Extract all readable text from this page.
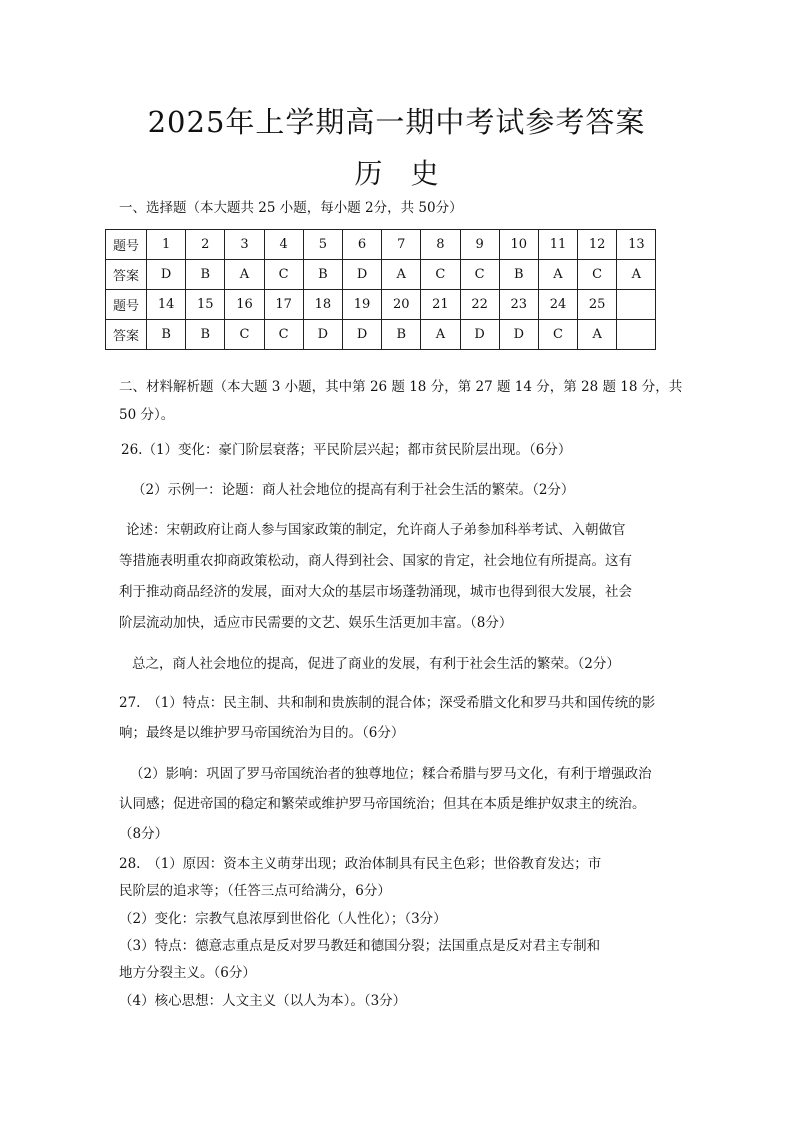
2025年上学期高一期中考试参考答案
历　史
一、选择题（本大题共 25 小题，每小题 2分，共 50分）
题号	1	2	3	4	5	6	7	8	9	10	11	12	13
答案	D	B	A	C	B	D	A	C	C	B	A	C	A
题号	14	15	16	17	18	19	20	21	22	23	24	25	
答案	B	B	C	C	D	D	B	A	D	D	C	A	
二、材料解析题（本大题 3 小题，其中第 26 题 18 分，第 27 题 14 分，第 28 题 18 分，共
50 分）。
26.（1）变化：豪门阶层衰落；平民阶层兴起；都市贫民阶层出现。（6分）
（2）示例一：论题：商人社会地位的提高有利于社会生活的繁荣。（2分）
论述：宋朝政府让商人参与国家政策的制定，允许商人子弟参加科举考试、入朝做官
等措施表明重农抑商政策松动，商人得到社会、国家的肯定，社会地位有所提高。这有
利于推动商品经济的发展，面对大众的基层市场蓬勃涌现，城市也得到很大发展，社会
阶层流动加快，适应市民需要的文艺、娱乐生活更加丰富。（8分）
总之，商人社会地位的提高，促进了商业的发展，有利于社会生活的繁荣。（2分）
27.　（1）特点：民主制、共和制和贵族制的混合体；深受希腊文化和罗马共和国传统的影
响；最终是以维护罗马帝国统治为目的。（6分）
（2）影响：巩固了罗马帝国统治者的独尊地位；糅合希腊与罗马文化，有利于增强政治
认同感；促进帝国的稳定和繁荣或维护罗马帝国统治；但其在本质是维护奴隶主的统治。
（8分）
28.　（1）原因：资本主义萌芽出现；政治体制具有民主色彩；世俗教育发达；市
民阶层的追求等；（任答三点可给满分，6分）
（2）变化：宗教气息浓厚到世俗化（人性化）；（3分）
（3）特点：德意志重点是反对罗马教廷和德国分裂；法国重点是反对君主专制和
地方分裂主义。（6分）
（4）核心思想：人文主义（以人为本）。（3分）
